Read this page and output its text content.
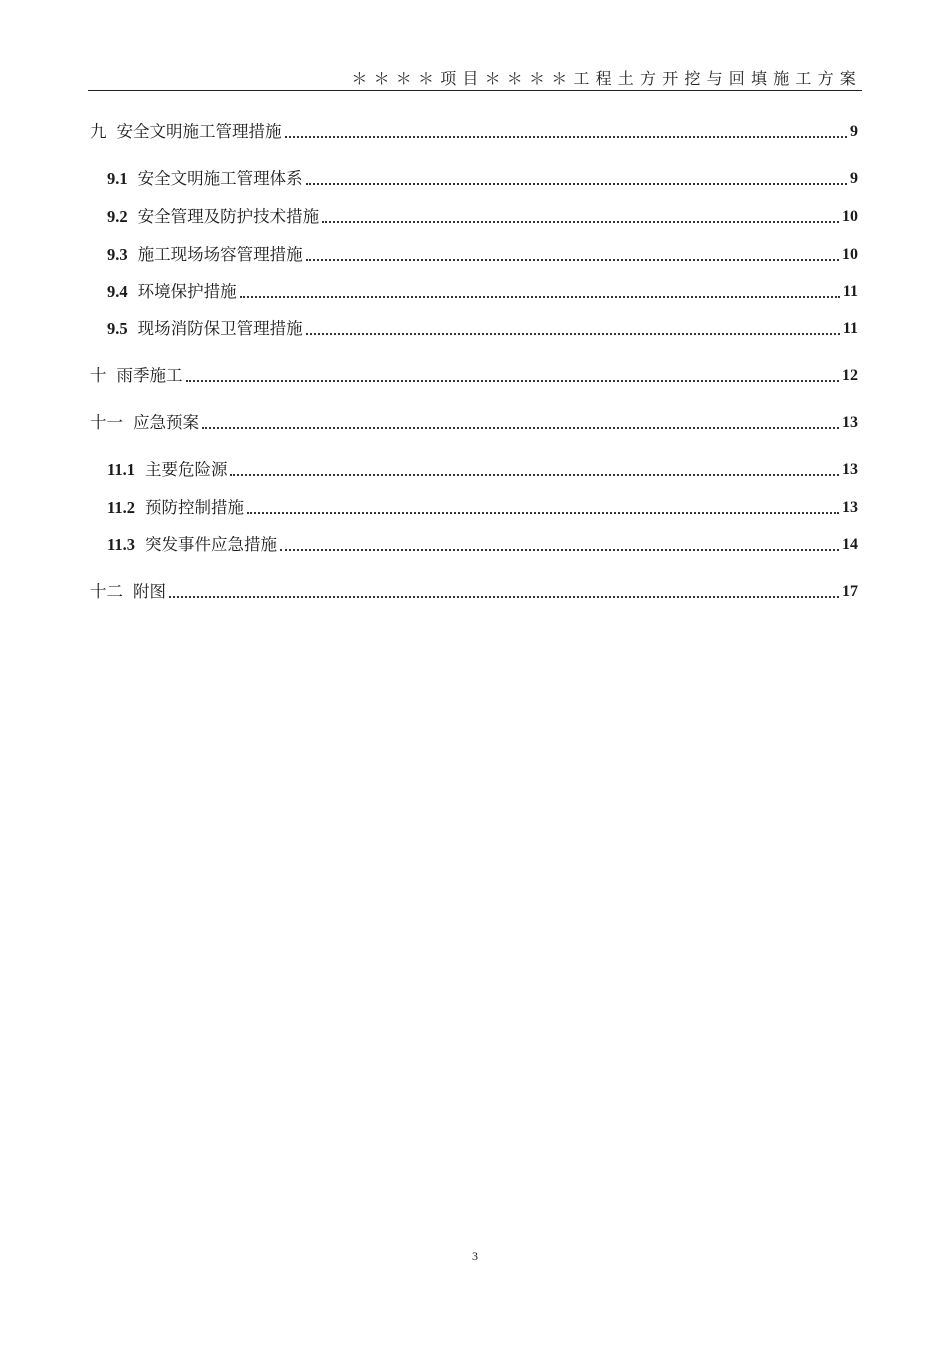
＊＊＊＊项目＊＊＊＊工程土方开挖与回填施工方案
九 安全文明施工管理措施	9
9.1 安全文明施工管理体系	9
9.2 安全管理及防护技术措施	10
9.3 施工现场场容管理措施	10
9.4 环境保护措施	11
9.5 现场消防保卫管理措施	11
十 雨季施工	12
十一 应急预案	13
11.1 主要危险源	13
11.2 预防控制措施	13
11.3 突发事件应急措施	14
十二 附图	17
3
